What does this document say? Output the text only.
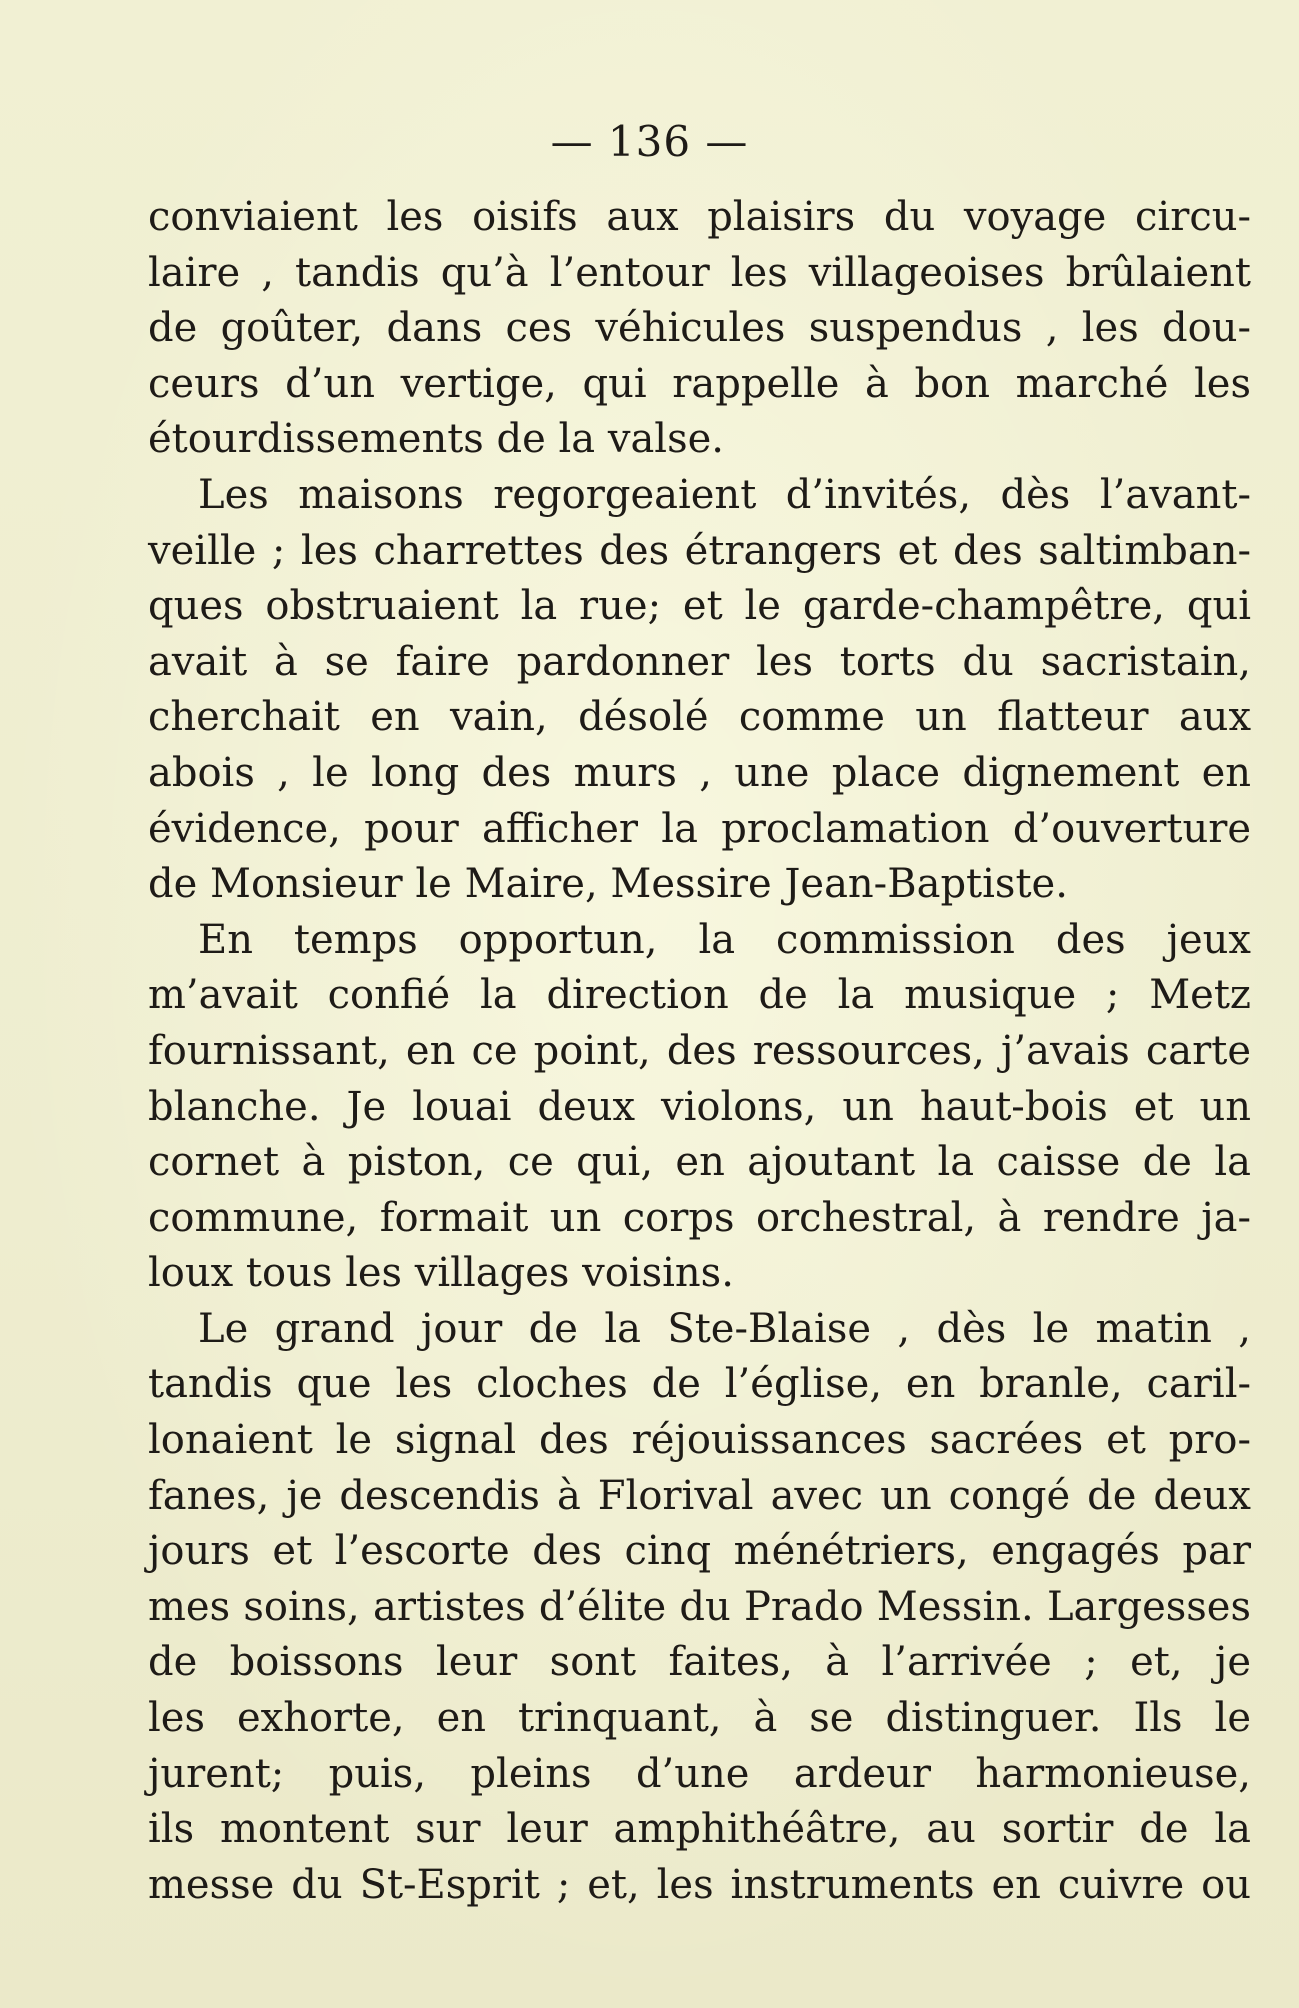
— 136 —
conviaient les oisifs aux plaisirs du voyage circu-
laire , tandis qu’à l’entour les villageoises brûlaient
de goûter, dans ces véhicules suspendus , les dou-
ceurs d’un vertige, qui rappelle à bon marché les
étourdissements de la valse.
Les maisons regorgeaient d’invités, dès l’avant-
veille ; les charrettes des étrangers et des saltimban-
ques obstruaient la rue; et le garde-champêtre, qui
avait à se faire pardonner les torts du sacristain,
cherchait en vain, désolé comme un flatteur aux
abois , le long des murs , une place dignement en
évidence, pour afficher la proclamation d’ouverture
de Monsieur le Maire, Messire Jean-Baptiste.
En temps opportun, la commission des jeux
m’avait confié la direction de la musique ; Metz
fournissant, en ce point, des ressources, j’avais carte
blanche. Je louai deux violons, un haut-bois et un
cornet à piston, ce qui, en ajoutant la caisse de la
commune, formait un corps orchestral, à rendre ja-
loux tous les villages voisins.
Le grand jour de la Ste-Blaise , dès le matin ,
tandis que les cloches de l’église, en branle, caril-
lonaient le signal des réjouissances sacrées et pro-
fanes, je descendis à Florival avec un congé de deux
jours et l’escorte des cinq ménétriers, engagés par
mes soins, artistes d’élite du Prado Messin. Largesses
de boissons leur sont faites, à l’arrivée ; et, je
les exhorte, en trinquant, à se distinguer. Ils le
jurent; puis, pleins d’une ardeur harmonieuse,
ils montent sur leur amphithéâtre, au sortir de la
messe du St-Esprit ; et, les instruments en cuivre ou
